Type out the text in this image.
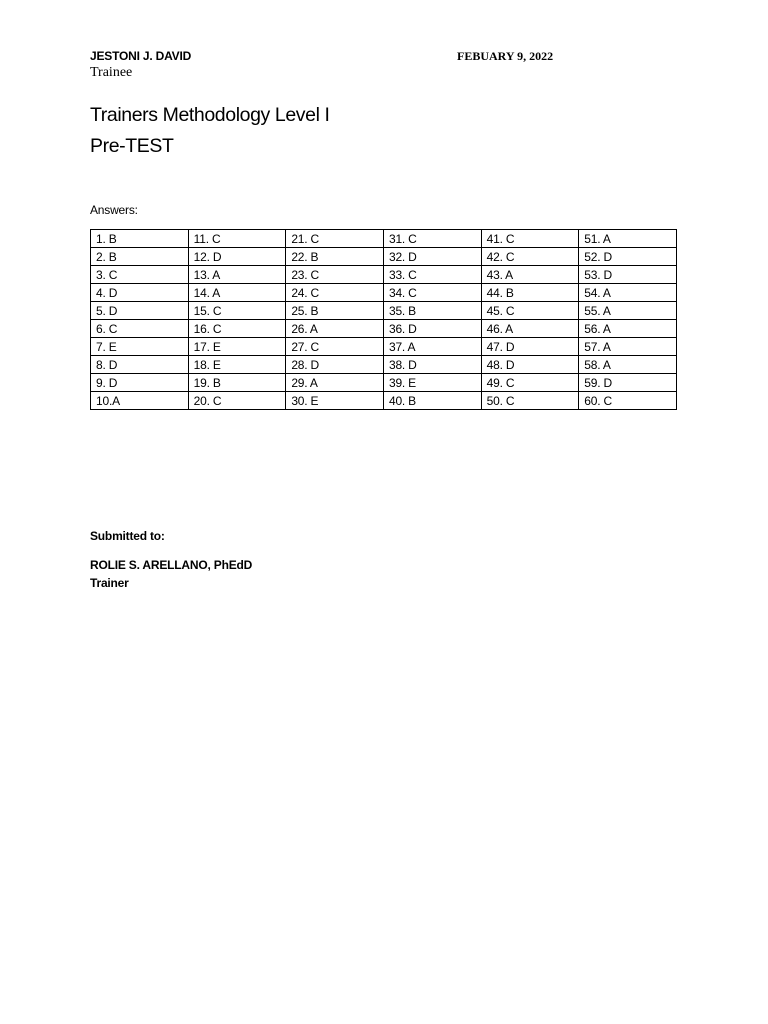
JESTONI J. DAVID
Trainee
FEBUARY 9, 2022
Trainers Methodology Level I
Pre-TEST
Answers:
1. B	11. C	21. C	31. C	41. C	51. A
2. B	12. D	22. B	32. D	42. C	52. D
3. C	13. A	23. C	33. C	43. A	53. D
4. D	14. A	24. C	34. C	44. B	54. A
5. D	15. C	25. B	35. B	45. C	55. A
6. C	16. C	26. A	36. D	46. A	56. A
7. E	17. E	27. C	37. A	47. D	57. A
8. D	18. E	28. D	38. D	48. D	58. A
9. D	19. B	29. A	39. E	49. C	59. D
10.A	20. C	30. E	40. B	50. C	60. C
Submitted to:
ROLIE S. ARELLANO, PhEdD
Trainer
